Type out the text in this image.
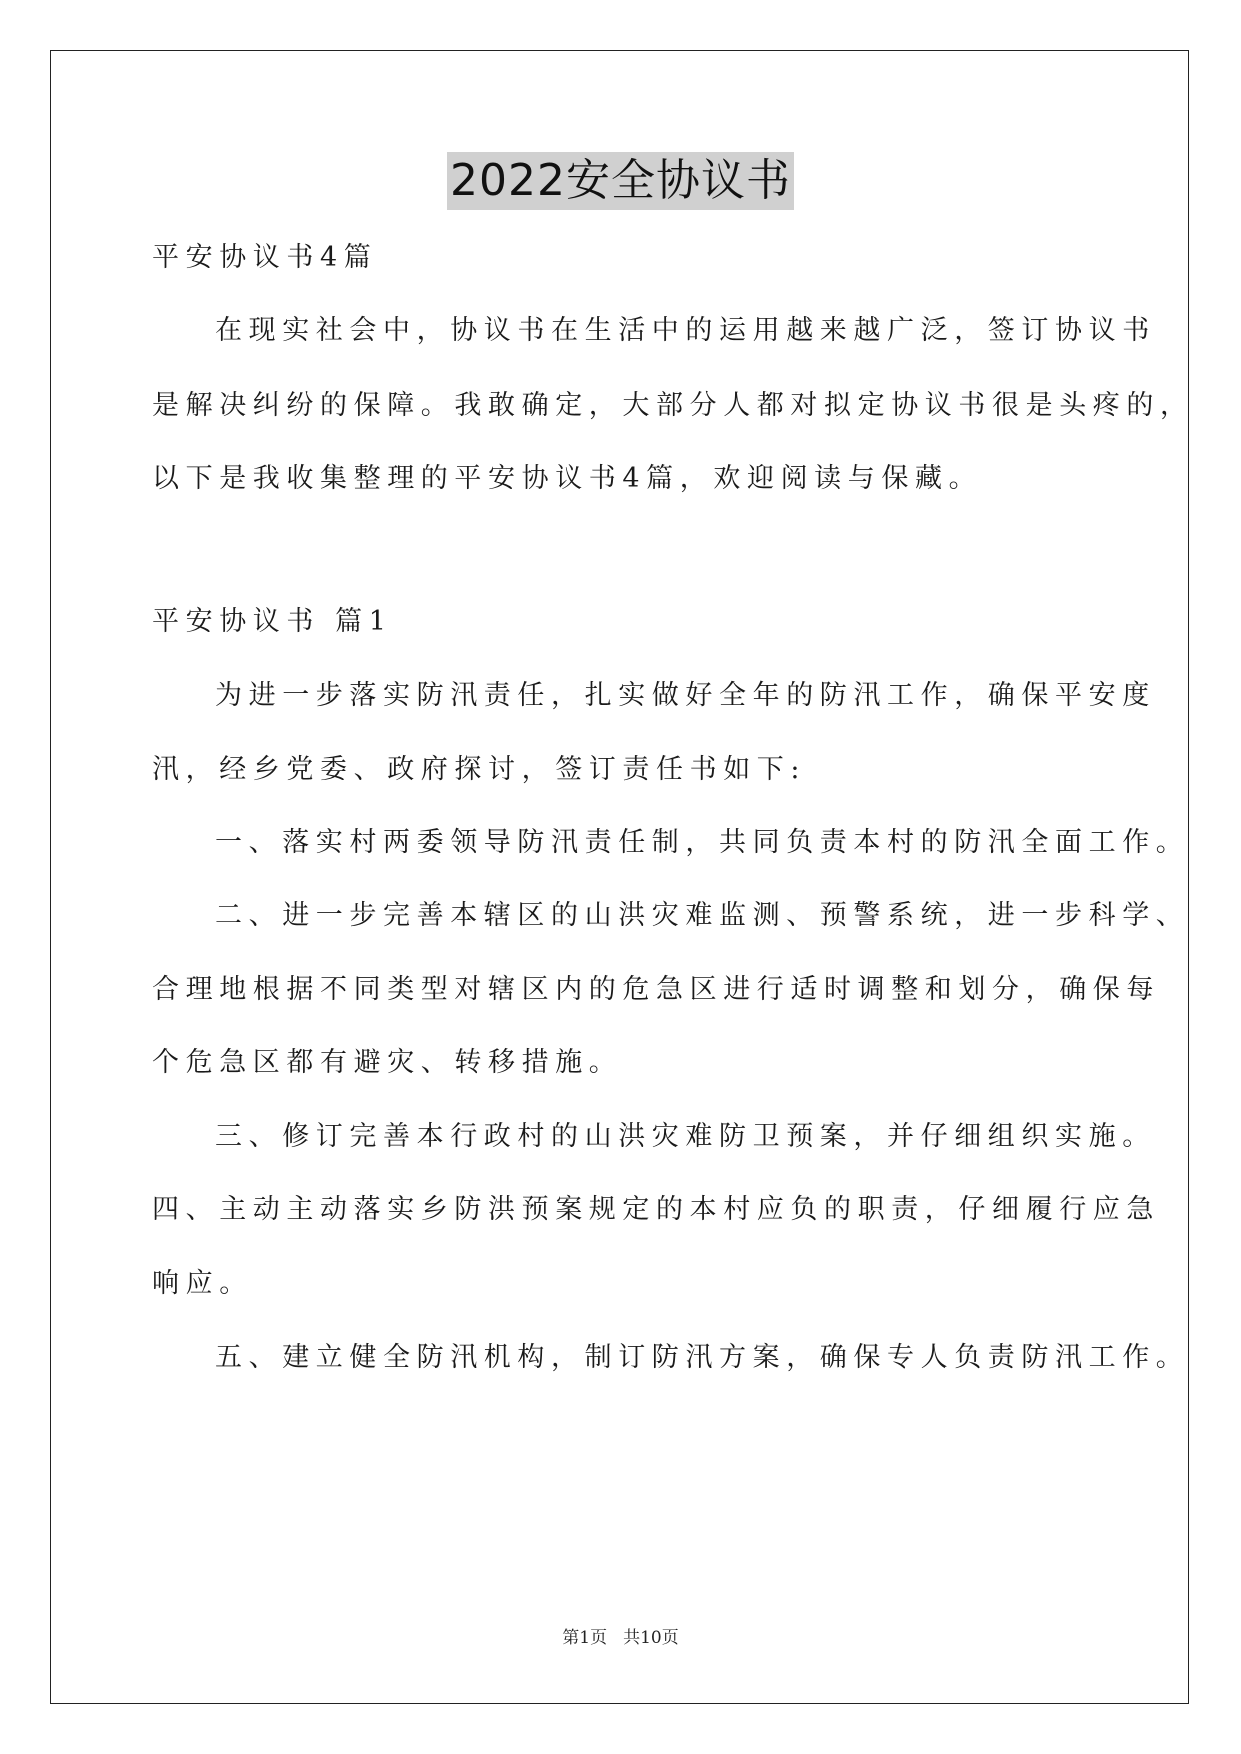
2022安全协议书
平安协议书4篇
在现实社会中，协议书在生活中的运用越来越广泛，签订协议书
是解决纠纷的保障。我敢确定，大部分人都对拟定协议书很是头疼的，
以下是我收集整理的平安协议书4篇，欢迎阅读与保藏。
平安协议书 篇1
为进一步落实防汛责任，扎实做好全年的防汛工作，确保平安度
汛，经乡党委、政府探讨，签订责任书如下:
一、落实村两委领导防汛责任制，共同负责本村的防汛全面工作。
二、进一步完善本辖区的山洪灾难监测、预警系统，进一步科学、
合理地根据不同类型对辖区内的危急区进行适时调整和划分，确保每
个危急区都有避灾、转移措施。
三、修订完善本行政村的山洪灾难防卫预案，并仔细组织实施。
四、主动主动落实乡防洪预案规定的本村应负的职责，仔细履行应急
响应。
五、建立健全防汛机构，制订防汛方案，确保专人负责防汛工作。
第1页 共10页
